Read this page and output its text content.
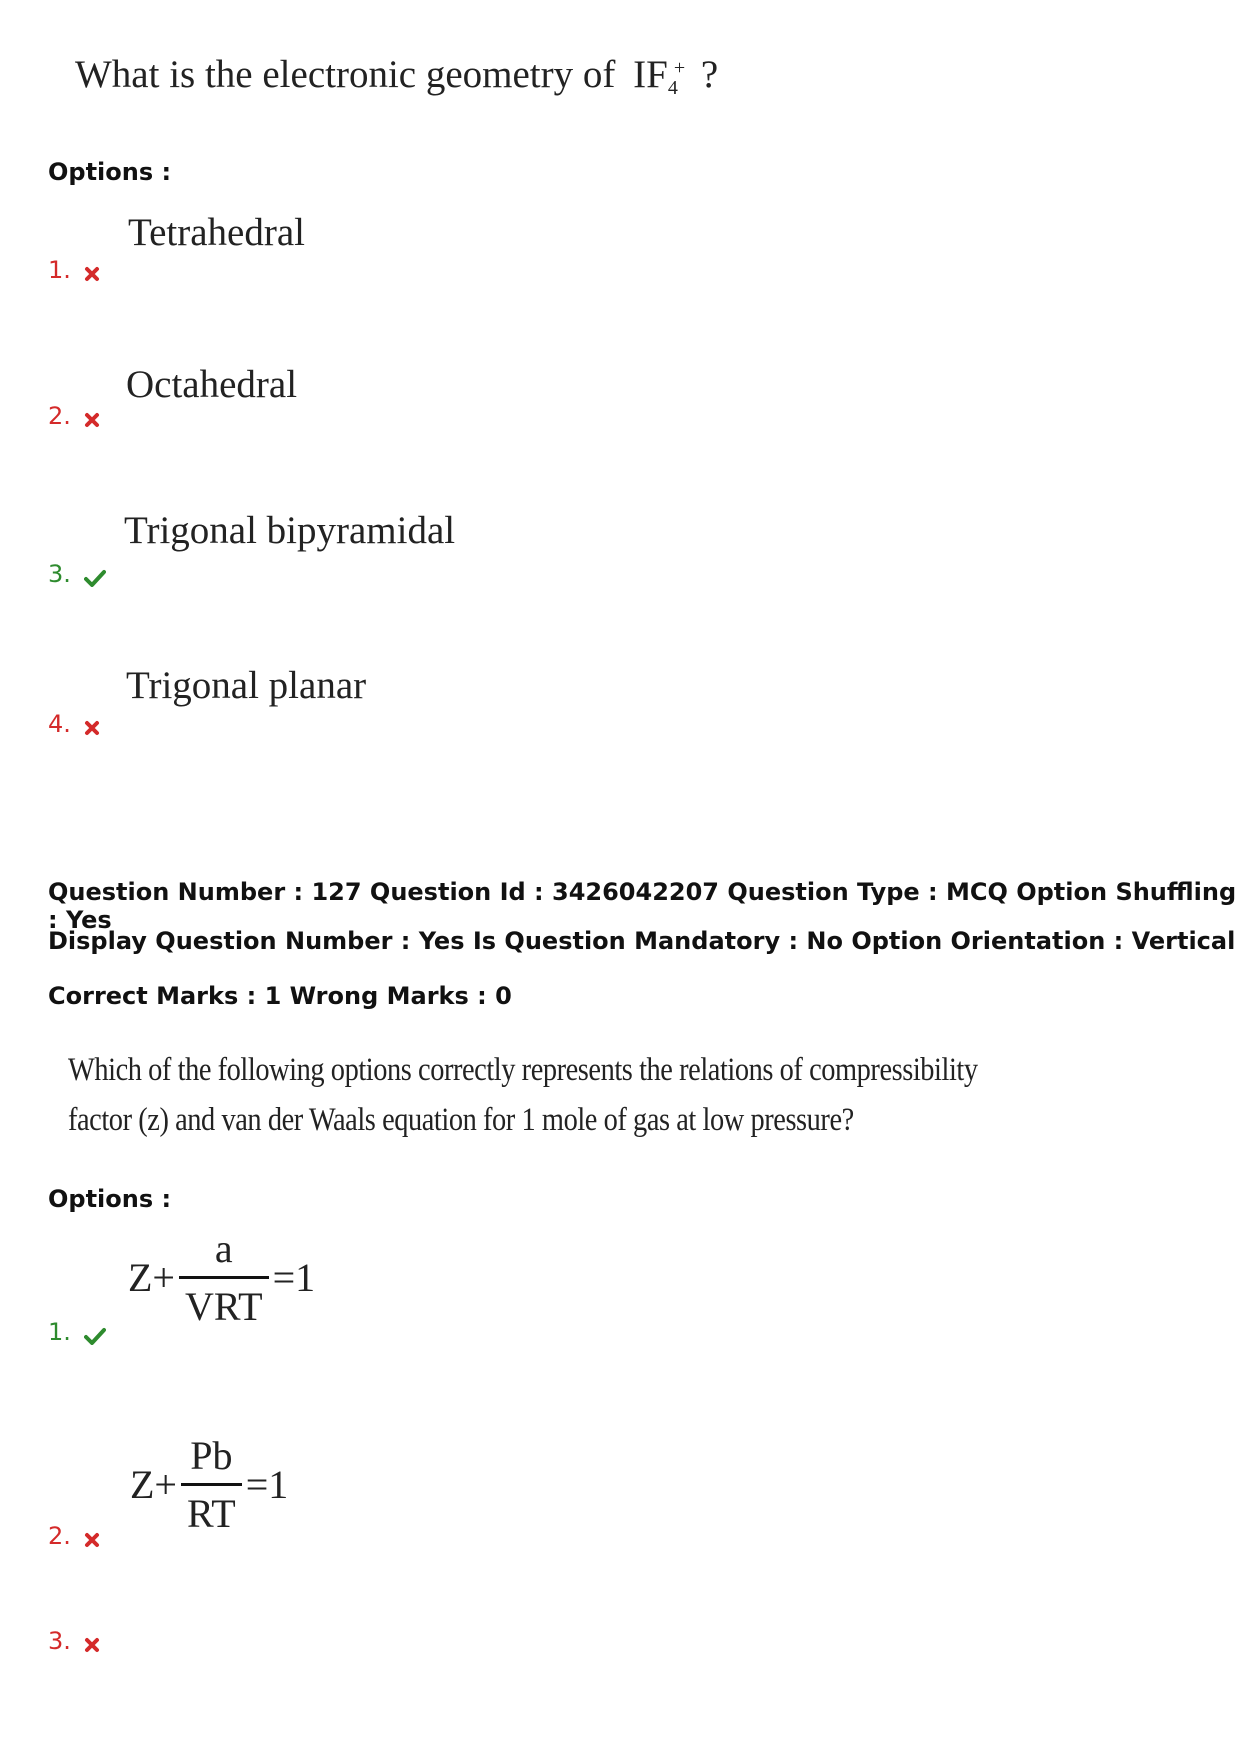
What is the electronic geometry of IF +
4 ?
Options :
Tetrahedral
1.
Octahedral
2.
Trigonal bipyramidal
3.
Trigonal planar
4.
Question Number : 127 Question Id : 3426042207 Question Type : MCQ Option Shuffling : Yes
Display Question Number : Yes Is Question Mandatory : No Option Orientation : Vertical
Correct Marks : 1 Wrong Marks : 0
Which of the following options correctly represents the relations of compressibility
factor (z) and van der Waals equation for 1 mole of gas at low pressure?
Options :
$Z+ \frac{a}{\text{VRT}} =1$
1.
$Z+ \frac{Pb}{RT} =1$
2.
3.
